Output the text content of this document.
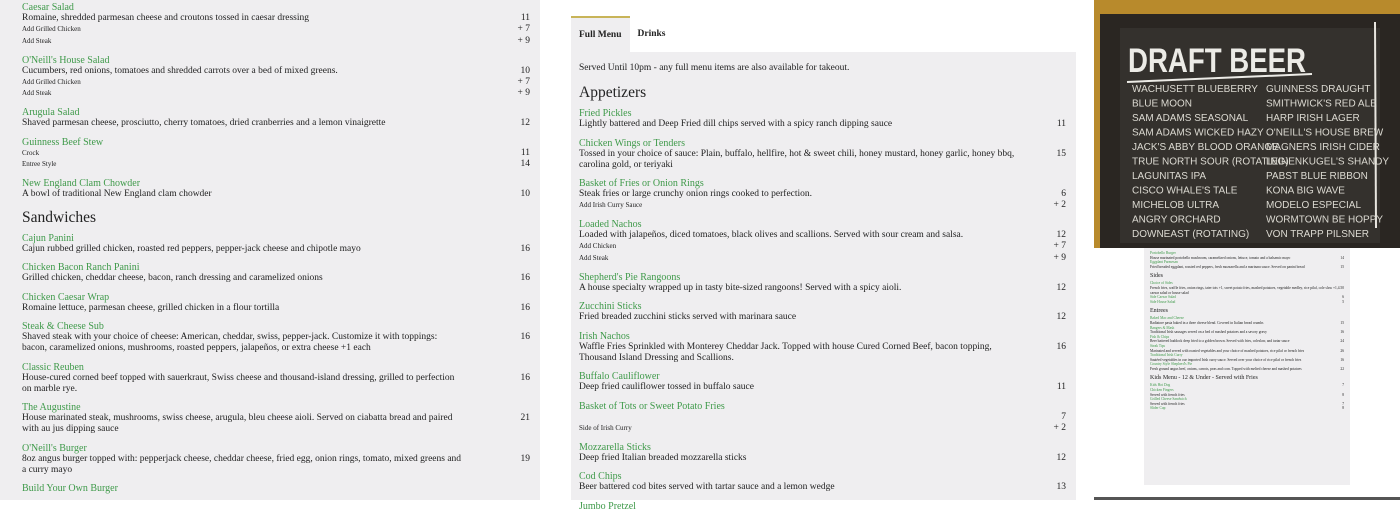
Caesar Salad
Romaine, shredded parmesan cheese and croutons tossed in caesar dressing	11
Add Grilled Chicken	+ 7
Add Steak	+ 9
O'Neill's House Salad
Cucumbers, red onions, tomatoes and shredded carrots over a bed of mixed greens.	10
Add Grilled Chicken	+ 7
Add Steak	+ 9
Arugula Salad
Shaved parmesan cheese, prosciutto, cherry tomatoes, dried cranberries and a lemon vinaigrette	12
Guinness Beef Stew
Crock	11
Entree Style	14
New England Clam Chowder
A bowl of traditional New England clam chowder	10
Sandwiches
Cajun Panini
Cajun rubbed grilled chicken, roasted red peppers, pepper-jack cheese and chipotle mayo	16
Chicken Bacon Ranch Panini
Grilled chicken, cheddar cheese, bacon, ranch dressing and caramelized onions	16
Chicken Caesar Wrap
Romaine lettuce, parmesan cheese, grilled chicken in a flour tortilla	16
Steak & Cheese Sub
Shaved steak with your choice of cheese: American, cheddar, swiss, pepper-jack. Customize it with toppings: bacon, caramelized onions, mushrooms, roasted peppers, jalapeños, or extra cheese +1 each
16
Classic Reuben
House-cured corned beef topped with sauerkraut, Swiss cheese and thousand-island dressing, grilled to perfection on marble rye.
16
The Augustine
House marinated steak, mushrooms, swiss cheese, arugula, bleu cheese aioli. Served on ciabatta bread and paired with au jus dipping sauce
21
O'Neill's Burger
8oz angus burger topped with: pepperjack cheese, cheddar cheese, fried egg, onion rings, tomato, mixed greens and a curry mayo
19
Build Your Own Burger
Full Menu	Drinks
Served Until 10pm - any full menu items are also available for takeout.
Appetizers
Fried Pickles
Lightly battered and Deep Fried dill chips served with a spicy ranch dipping sauce	11
Chicken Wings or Tenders
Tossed in your choice of sauce: Plain, buffalo, hellfire, hot & sweet chili, honey mustard, honey garlic, honey bbq, carolina gold, or teriyaki
15
Basket of Fries or Onion Rings
Steak fries or large crunchy onion rings cooked to perfection.	6
Add Irish Curry Sauce	+ 2
Loaded Nachos
Loaded with jalapeños, diced tomatoes, black olives and scallions. Served with sour cream and salsa.	12
Add Chicken	+ 7
Add Steak	+ 9
Shepherd's Pie Rangoons
A house specialty wrapped up in tasty bite-sized rangoons! Served with a spicy aioli.	12
Zucchini Sticks
Fried breaded zucchini sticks served with marinara sauce	12
Irish Nachos
Waffle Fries Sprinkled with Monterey Cheddar Jack. Topped with house Cured Corned Beef, bacon topping, Thousand Island Dressing and Scallions.
16
Buffalo Cauliflower
Deep fried cauliflower tossed in buffalo sauce	11
Basket of Tots or Sweet Potato Fries
7
Side of Irish Curry	+ 2
Mozzarella Sticks
Deep fried Italian breaded mozzarella sticks	12
Cod Chips
Beer battered cod bites served with tartar sauce and a lemon wedge	13
Jumbo Pretzel
DRAFT BEER
WACHUSETT BLUEBERRY
BLUE MOON
SAM ADAMS SEASONAL
SAM ADAMS WICKED HAZY
JACK'S ABBY BLOOD ORANGE
TRUE NORTH SOUR (ROTATING)
LAGUNITAS IPA
CISCO WHALE'S TALE
MICHELOB ULTRA
ANGRY ORCHARD
DOWNEAST (ROTATING)
GUINNESS DRAUGHT
SMITHWICK'S RED ALE
HARP IRISH LAGER
O'NEILL'S HOUSE BREW
MAGNERS IRISH CIDER
LEINENKUGEL'S SHANDY
PABST BLUE RIBBON
KONA BIG WAVE
MODELO ESPECIAL
WORMTOWN BE HOPPY
VON TRAPP PILSNER
Portobello Burger
House marinated portobello mushroom, caramelized onions, lettuce, tomato and a balsamic mayo	14
Eggplant Parmesan
Fried breaded eggplant, roasted red peppers, fresh mozzarella and a marinara sauce. Served on panini bread	15
Sides
Choice of Sides
French fries, waffle fries, onion rings, tater tots +1, sweet potato fries, mashed potatoes, vegetable medley, rice pilaf, cole slaw +1, caesar salad or house salad
4.50
Side Caesar Salad	6
Side House Salad	5
Entrees
Baked Mac and Cheese
Radiatore pasta baked in a three cheese blend. Covered in Italian bread crumbs	15
Bangers & Mash
Traditional Irish sausages served on a bed of mashed potatoes and a savory gravy	16
Fish & Chips
Beer battered haddock deep fried to a golden brown. Served with fries, coleslaw, and tartar sauce	24
Steak Tips
Marinated and served with roasted vegetables and your choice of mashed potatoes, rice pilaf or french fries	26
Traditional Irish Curry
Sautéed vegetables in our imported Irish curry sauce. Served over your choice of rice pilaf or french fries	16
Country Style Shepherd's Pie
Fresh ground angus beef, onions, carrots, peas and corn. Topped with melted cheese and mashed potatoes	22
Kids Menu - 12 & Under - Served with Fries
Kids Hot Dog	7
Chicken Fingers
Served with french fries	8
Grilled Cheese Sandwich
Served with french fries	7
Slider Cup	8
